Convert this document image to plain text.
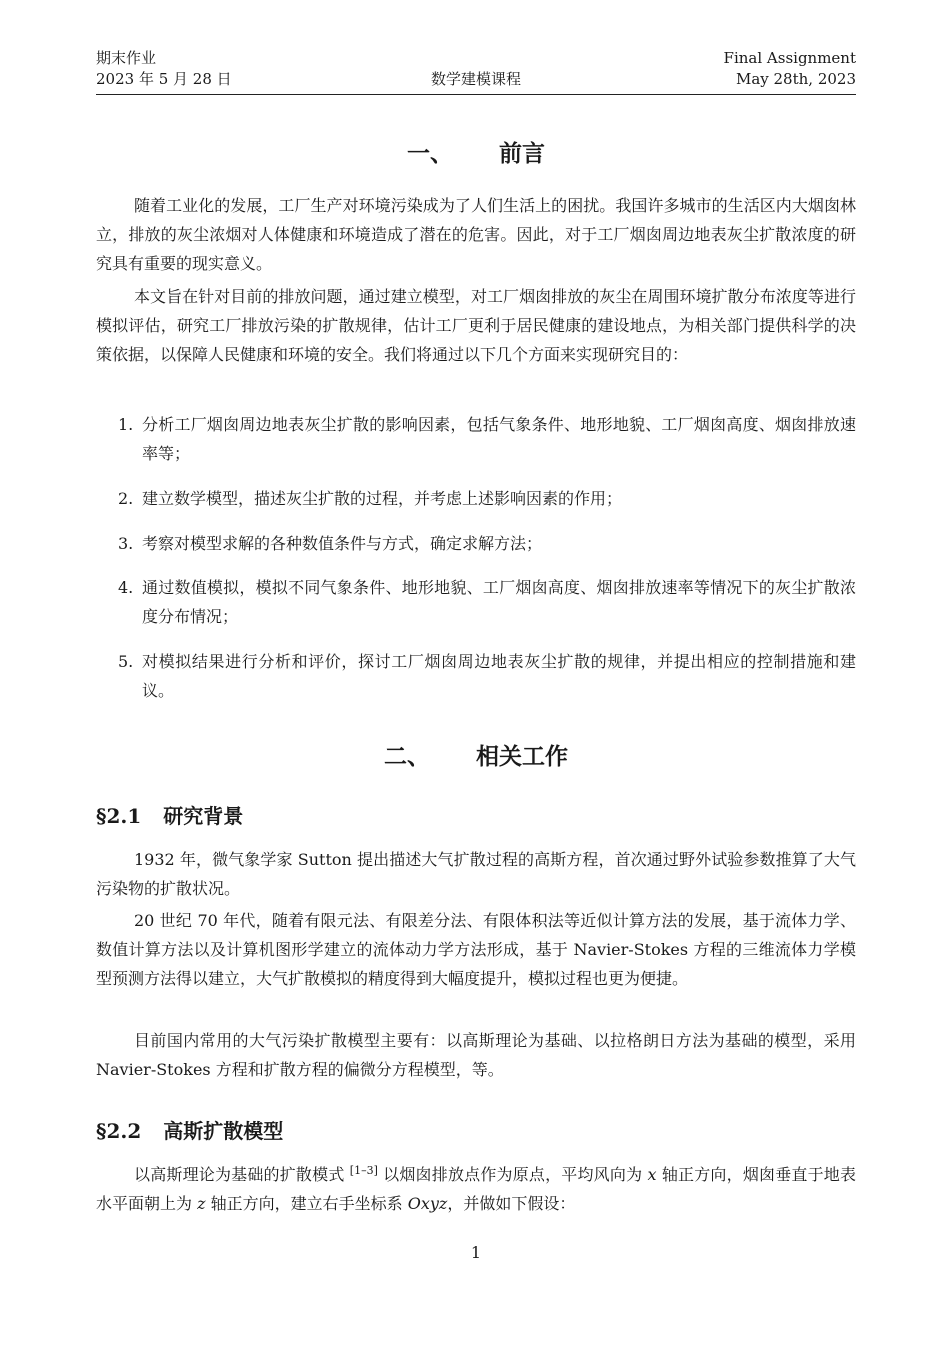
期末作业
2023 年 5 月 28 日	数学建模课程
Final Assignment
May 28th, 2023
一、 前言

随着工业化的发展，工厂生产对环境污染成为了人们生活上的困扰。我国许多城市的生活区内大烟囱林立，排放的灰尘浓烟对人体健康和环境造成了潜在的危害。因此，对于工厂烟囱周边地表灰尘扩散浓度的研究具有重要的现实意义。

本文旨在针对目前的排放问题，通过建立模型，对工厂烟囱排放的灰尘在周围环境扩散分布浓度等进行模拟评估，研究工厂排放污染的扩散规律，估计工厂更利于居民健康的建设地点，为相关部门提供科学的决策依据，以保障人民健康和环境的安全。我们将通过以下几个方面来实现研究目的：

1. 分析工厂烟囱周边地表灰尘扩散的影响因素，包括气象条件、地形地貌、工厂烟囱高度、烟囱排放速率等；
2. 建立数学模型，描述灰尘扩散的过程，并考虑上述影响因素的作用；
3. 考察对模型求解的各种数值条件与方式，确定求解方法；
4. 通过数值模拟，模拟不同气象条件、地形地貌、工厂烟囱高度、烟囱排放速率等情况下的灰尘扩散浓度分布情况；
5. 对模拟结果进行分析和评价，探讨工厂烟囱周边地表灰尘扩散的规律，并提出相应的控制措施和建议。
二、 相关工作
§2.1 研究背景

1932 年，微气象学家 Sutton 提出描述大气扩散过程的高斯方程，首次通过野外试验参数推算了大气污染物的扩散状况。

20 世纪 70 年代，随着有限元法、有限差分法、有限体积法等近似计算方法的发展，基于流体力学、数值计算方法以及计算机图形学建立的流体动力学方法形成，基于 Navier-Stokes 方程的三维流体力学模型预测方法得以建立，大气扩散模拟的精度得到大幅度提升，模拟过程也更为便捷。

目前国内常用的大气污染扩散模型主要有：以高斯理论为基础、以拉格朗日方法为基础的模型，采用 Navier-Stokes 方程和扩散方程的偏微分方程模型，等。

§2.2 高斯扩散模型

以高斯理论为基础的扩散模式 [1–3] 以烟囱排放点作为原点，平均风向为 x 轴正方向，烟囱垂直于地表水平面朝上为 z 轴正方向，建立右手坐标系 Oxyz，并做如下假设：

1
